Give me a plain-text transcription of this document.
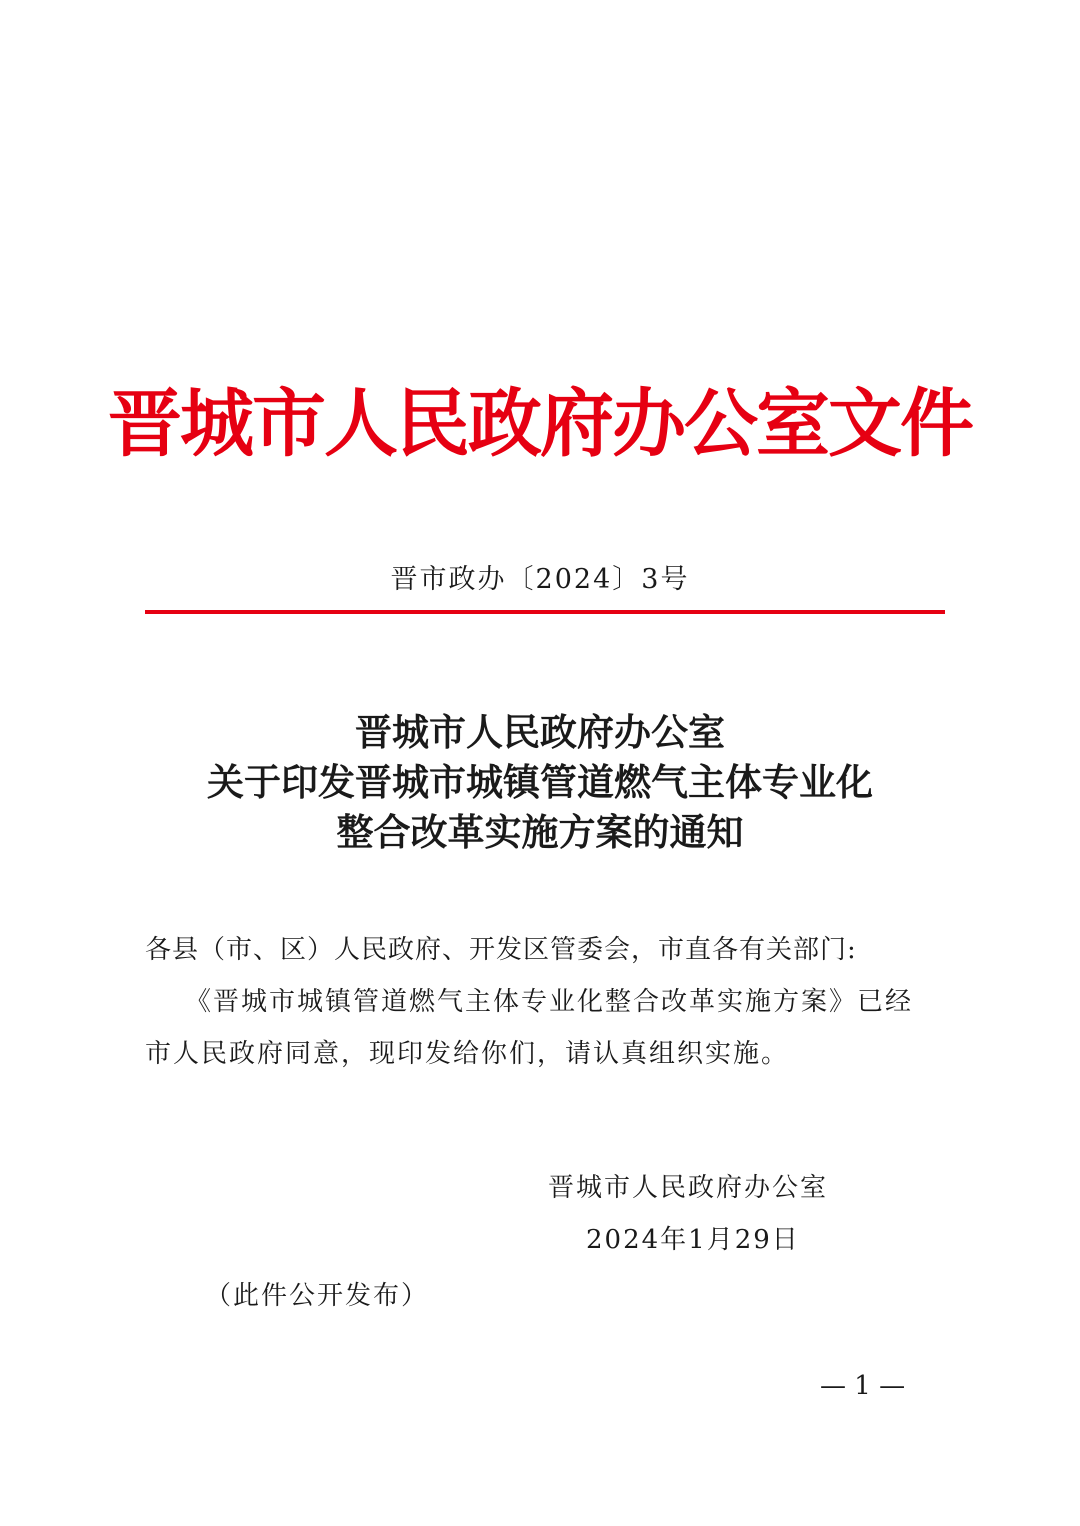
晋城市人民政府办公室文件
晋市政办〔2024〕3号
晋城市人民政府办公室
关于印发晋城市城镇管道燃气主体专业化
整合改革实施方案的通知
各县（市、区）人民政府、开发区管委会，市直各有关部门:
《晋城市城镇管道燃气主体专业化整合改革实施方案》已经
市人民政府同意，现印发给你们，请认真组织实施。
晋城市人民政府办公室
2024年1月29日
（此件公开发布）
— 1 —
